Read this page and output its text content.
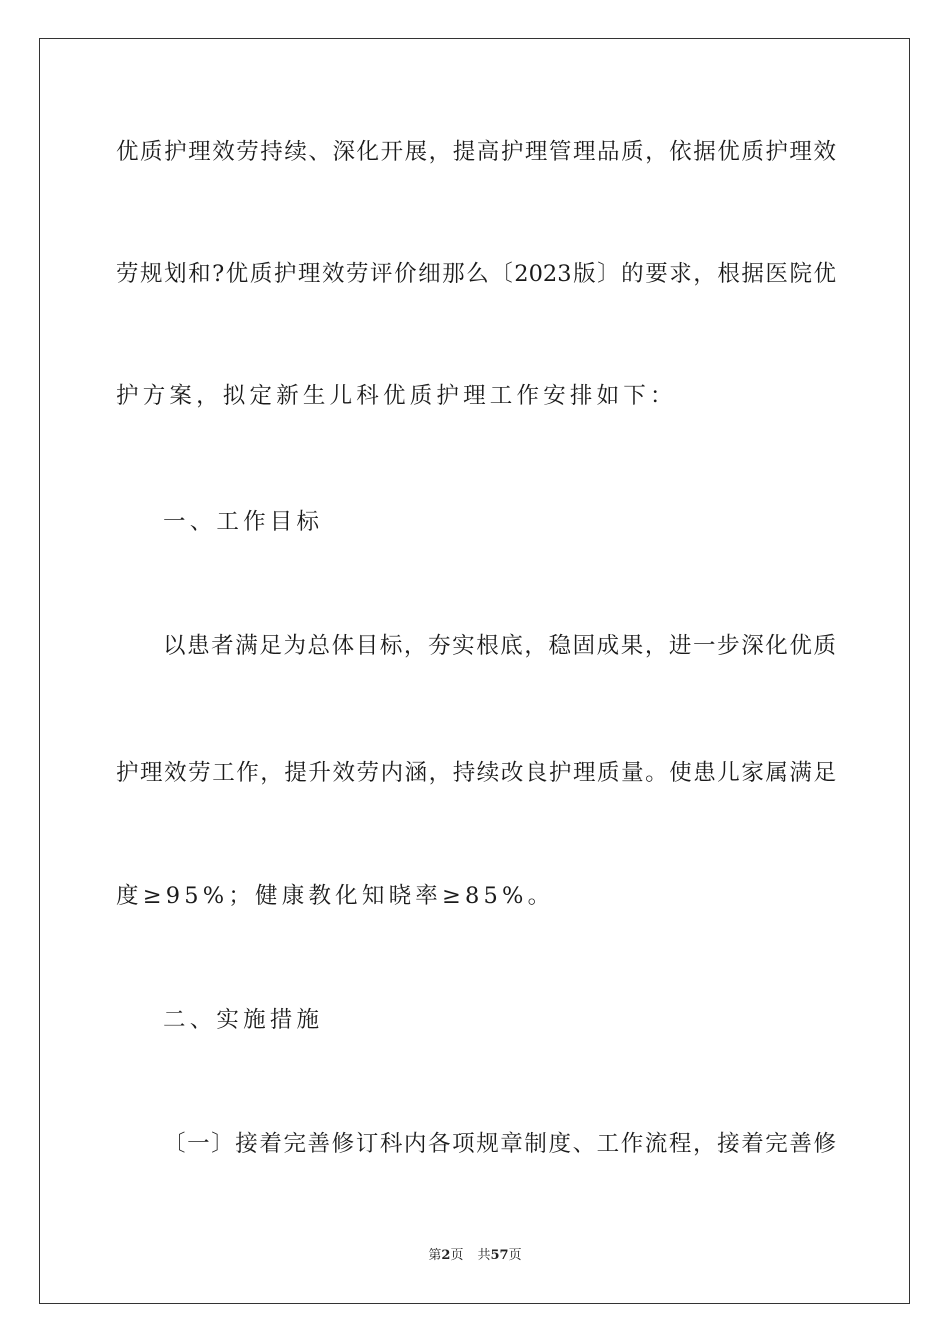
优质护理效劳持续、深化开展，提高护理管理品质，依据优质护理效
劳规划和?优质护理效劳评价细那么〔2023版〕的要求，根据医院优
护方案，拟定新生儿科优质护理工作安排如下：
一、工作目标
以患者满足为总体目标，夯实根底，稳固成果，进一步深化优质
护理效劳工作，提升效劳内涵，持续改良护理质量。使患儿家属满足
度≥95%；健康教化知晓率≥85%。
二、实施措施
〔一〕接着完善修订科内各项规章制度、工作流程，接着完善修
第2页 共57页
